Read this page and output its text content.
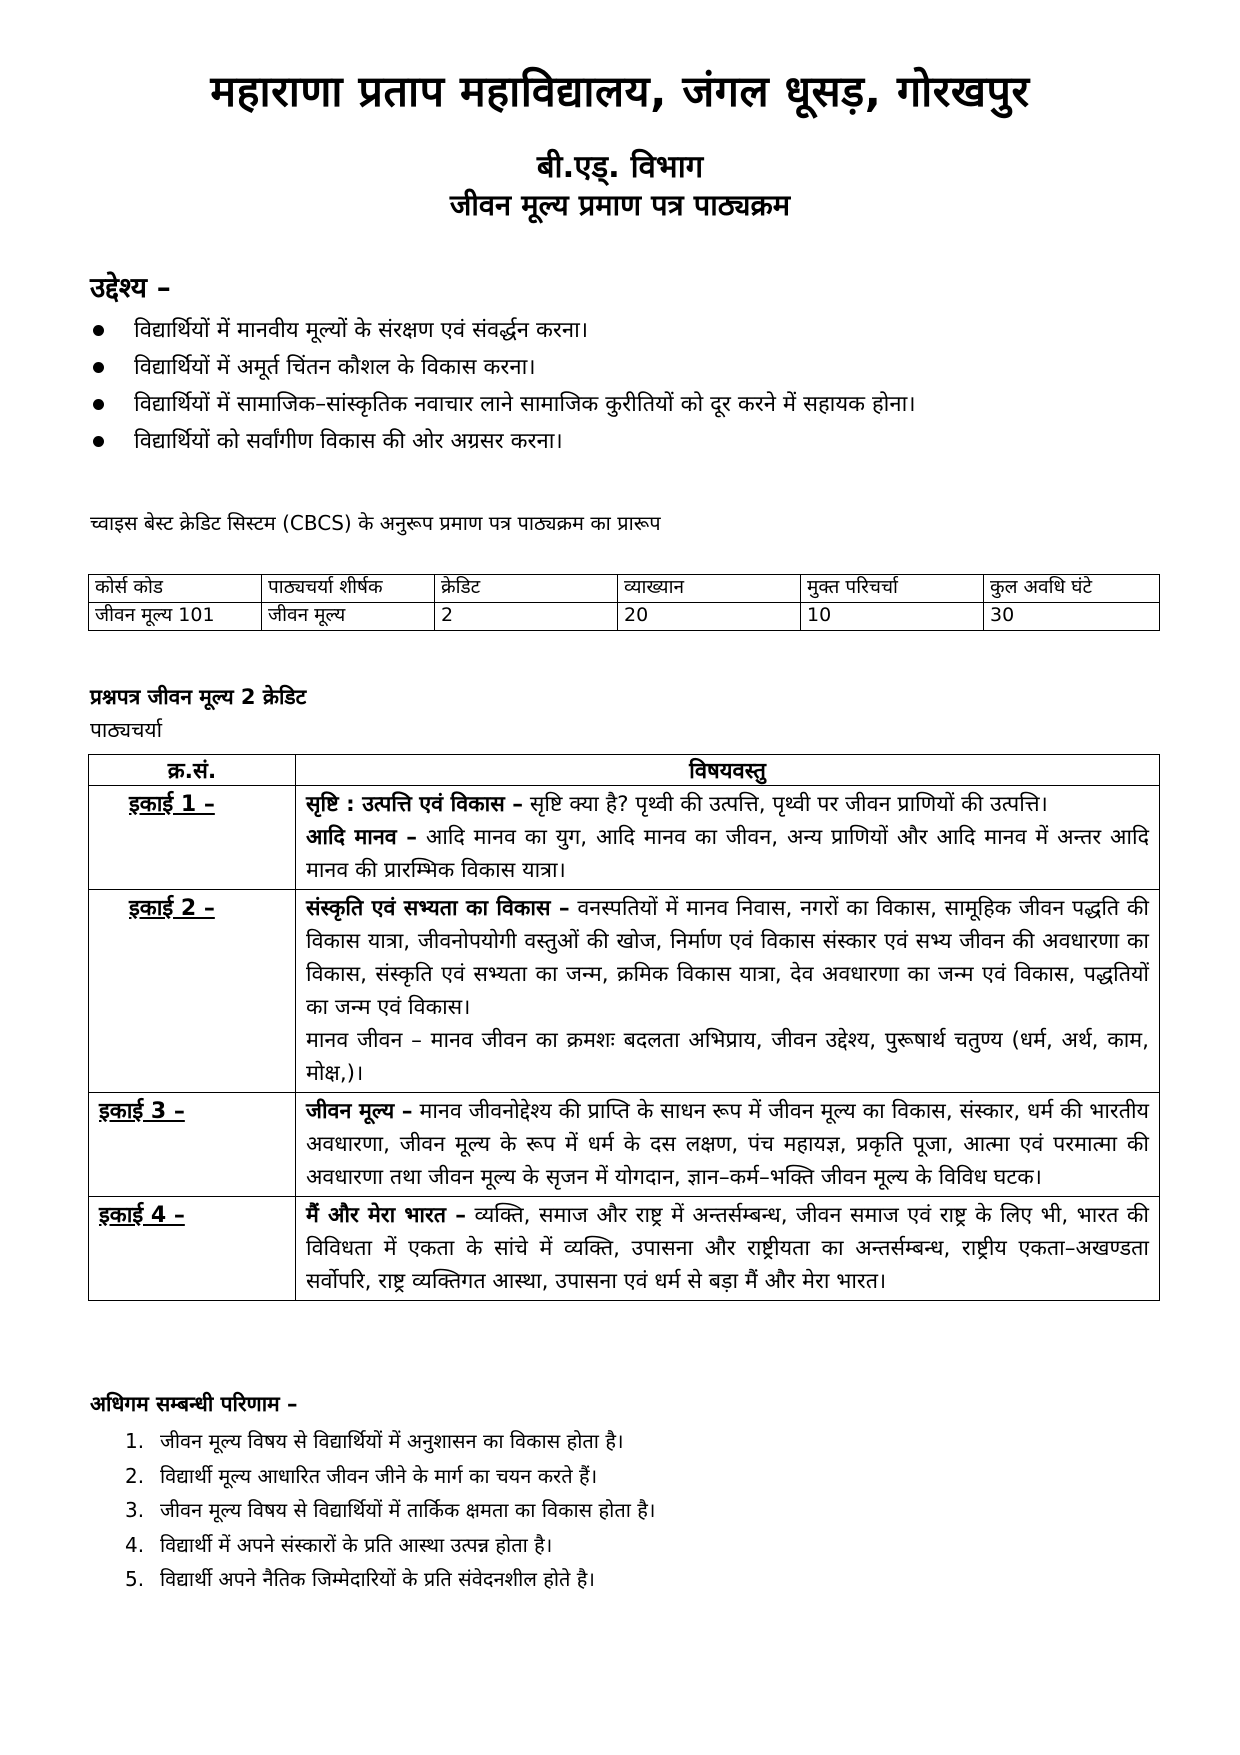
महाराणा प्रताप महाविद्यालय, जंगल धूसड़, गोरखपुर
बी.एड्. विभाग
जीवन मूल्य प्रमाण पत्र पाठ्यक्रम
उद्देश्य –
विद्यार्थियों में मानवीय मूल्यों के संरक्षण एवं संवर्द्धन करना।
विद्यार्थियों में अमूर्त चिंतन कौशल के विकास करना।
विद्यार्थियों में सामाजिक–सांस्कृतिक नवाचार लाने सामाजिक कुरीतियों को दूर करने में सहायक होना।
विद्यार्थियों को सर्वांगीण विकास की ओर अग्रसर करना।
च्वाइस बेस्ट क्रेडिट सिस्टम (CBCS) के अनुरूप प्रमाण पत्र पाठ्यक्रम का प्रारूप
कोर्स कोड	पाठ्यचर्या शीर्षक	क्रेडिट	व्याख्यान	मुक्त परिचर्चा	कुल अवधि घंटे
जीवन मूल्य 101	जीवन मूल्य	2	20	10	30
प्रश्नपत्र जीवन मूल्य 2 क्रेडिट
पाठ्यचर्या
क्र.सं.	विषयवस्तु
इकाई 1 –	सृष्टि : उत्पत्ति एवं विकास – सृष्टि क्या है? पृथ्वी की उत्पत्ति, पृथ्वी पर जीवन प्राणियों की उत्पत्ति।

आदि मानव – आदि मानव का युग, आदि मानव का जीवन, अन्य प्राणियों और आदि मानव में अन्तर आदि मानव की प्रारम्भिक विकास यात्रा।

इकाई 2 –	संस्कृति एवं सभ्यता का विकास – वनस्पतियों में मानव निवास, नगरों का विकास, सामूहिक जीवन पद्धति की विकास यात्रा, जीवनोपयोगी वस्तुओं की खोज, निर्माण एवं विकास संस्कार एवं सभ्य जीवन की अवधारणा का विकास, संस्कृति एवं सभ्यता का जन्म, क्रमिक विकास यात्रा, देव अवधारणा का जन्म एवं विकास, पद्धतियों का जन्म एवं विकास।

मानव जीवन – मानव जीवन का क्रमशः बदलता अभिप्राय, जीवन उद्देश्य, पुरूषार्थ चतुण्य (धर्म, अर्थ, काम, मोक्ष,)।

इकाई 3 –	जीवन मूल्य – मानव जीवनोद्देश्य की प्राप्ति के साधन रूप में जीवन मूल्य का विकास, संस्कार, धर्म की भारतीय अवधारणा, जीवन मूल्य के रूप में धर्म के दस लक्षण, पंच महायज्ञ, प्रकृति पूजा, आत्मा एवं परमात्मा की अवधारणा तथा जीवन मूल्य के सृजन में योगदान, ज्ञान–कर्म–भक्ति जीवन मूल्य के विविध घटक।

इकाई 4 –	मैं और मेरा भारत – व्यक्ति, समाज और राष्ट्र में अन्तर्सम्बन्ध, जीवन समाज एवं राष्ट्र के लिए भी, भारत की विविधता में एकता के सांचे में व्यक्ति, उपासना और राष्ट्रीयता का अन्तर्सम्बन्ध, राष्ट्रीय एकता–अखण्डता सर्वोपरि, राष्ट्र व्यक्तिगत आस्था, उपासना एवं धर्म से बड़ा मैं और मेरा भारत।

अधिगम सम्बन्धी परिणाम –
1. जीवन मूल्य विषय से विद्यार्थियों में अनुशासन का विकास होता है।
2. विद्यार्थी मूल्य आधारित जीवन जीने के मार्ग का चयन करते हैं।
3. जीवन मूल्य विषय से विद्यार्थियों में तार्किक क्षमता का विकास होता है।
4. विद्यार्थी में अपने संस्कारों के प्रति आस्था उत्पन्न होता है।
5. विद्यार्थी अपने नैतिक जिम्मेदारियों के प्रति संवेदनशील होते है।
